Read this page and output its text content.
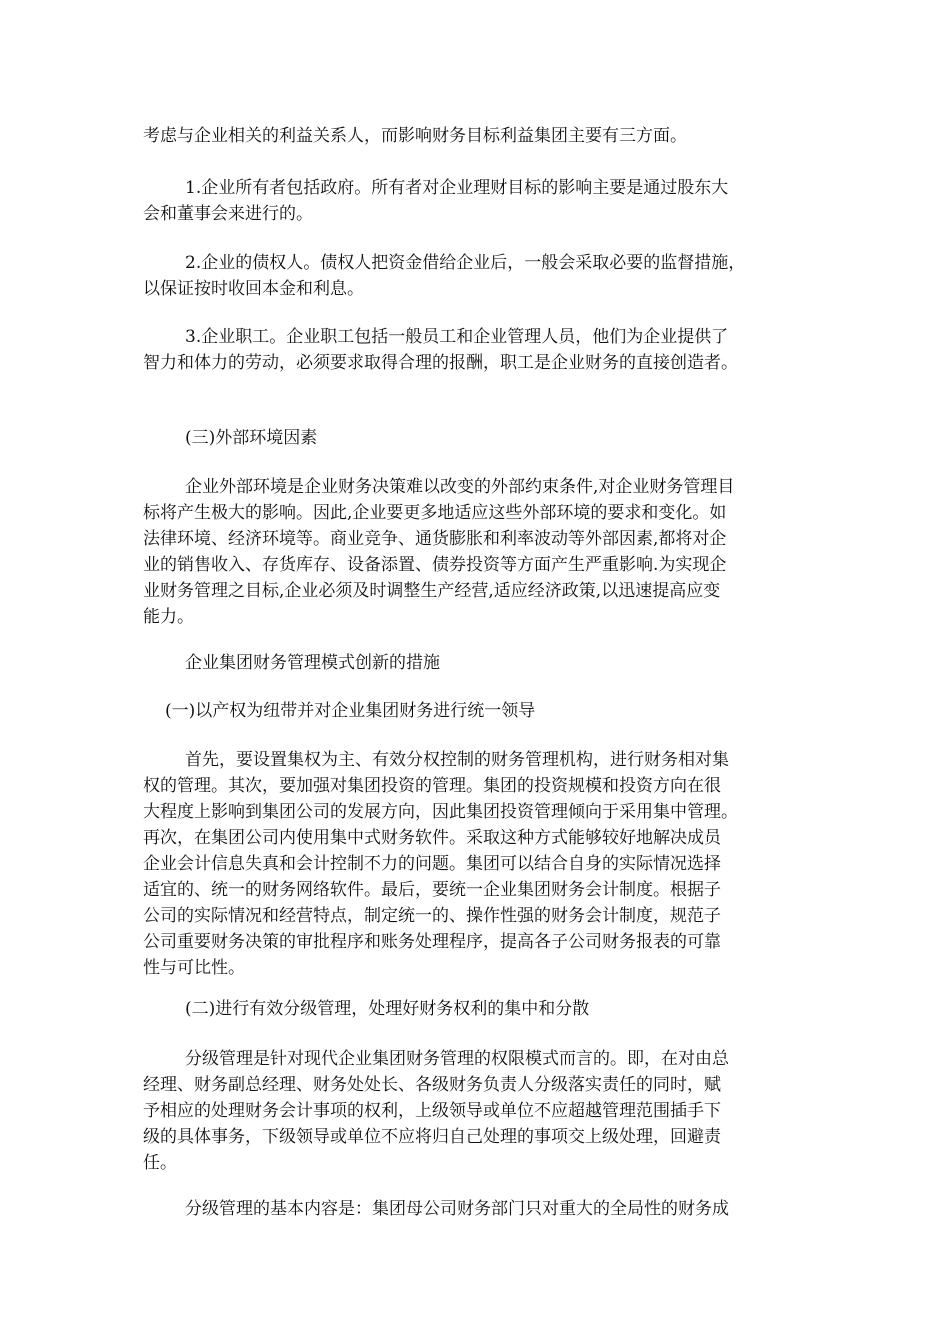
考虑与企业相关的利益关系人，而影响财务目标利益集团主要有三方面。
1.企业所有者包括政府。所有者对企业理财目标的影响主要是通过股东大
会和董事会来进行的。
2.企业的债权人。债权人把资金借给企业后，一般会采取必要的监督措施，
以保证按时收回本金和利息。
3.企业职工。企业职工包括一般员工和企业管理人员，他们为企业提供了
智力和体力的劳动，必须要求取得合理的报酬，职工是企业财务的直接创造者。
(三)外部环境因素
企业外部环境是企业财务决策难以改变的外部约束条件,对企业财务管理目
标将产生极大的影响。因此,企业要更多地适应这些外部环境的要求和变化。如
法律环境、经济环境等。商业竞争、通货膨胀和利率波动等外部因素,都将对企
业的销售收入、存货库存、设备添置、债券投资等方面产生严重影响.为实现企
业财务管理之目标,企业必须及时调整生产经营,适应经济政策,以迅速提高应变
能力。
企业集团财务管理模式创新的措施
(一)以产权为纽带并对企业集团财务进行统一领导
首先，要设置集权为主、有效分权控制的财务管理机构，进行财务相对集
权的管理。其次，要加强对集团投资的管理。集团的投资规模和投资方向在很
大程度上影响到集团公司的发展方向，因此集团投资管理倾向于采用集中管理。
再次，在集团公司内使用集中式财务软件。采取这种方式能够较好地解决成员
企业会计信息失真和会计控制不力的问题。集团可以结合自身的实际情况选择
适宜的、统一的财务网络软件。最后，要统一企业集团财务会计制度。根据子
公司的实际情况和经营特点，制定统一的、操作性强的财务会计制度，规范子
公司重要财务决策的审批程序和账务处理程序，提高各子公司财务报表的可靠
性与可比性。
(二)进行有效分级管理，处理好财务权利的集中和分散
分级管理是针对现代企业集团财务管理的权限模式而言的。即，在对由总
经理、财务副总经理、财务处处长、各级财务负责人分级落实责任的同时，赋
予相应的处理财务会计事项的权利，上级领导或单位不应超越管理范围插手下
级的具体事务，下级领导或单位不应将归自己处理的事项交上级处理，回避责
任。
分级管理的基本内容是：集团母公司财务部门只对重大的全局性的财务成
